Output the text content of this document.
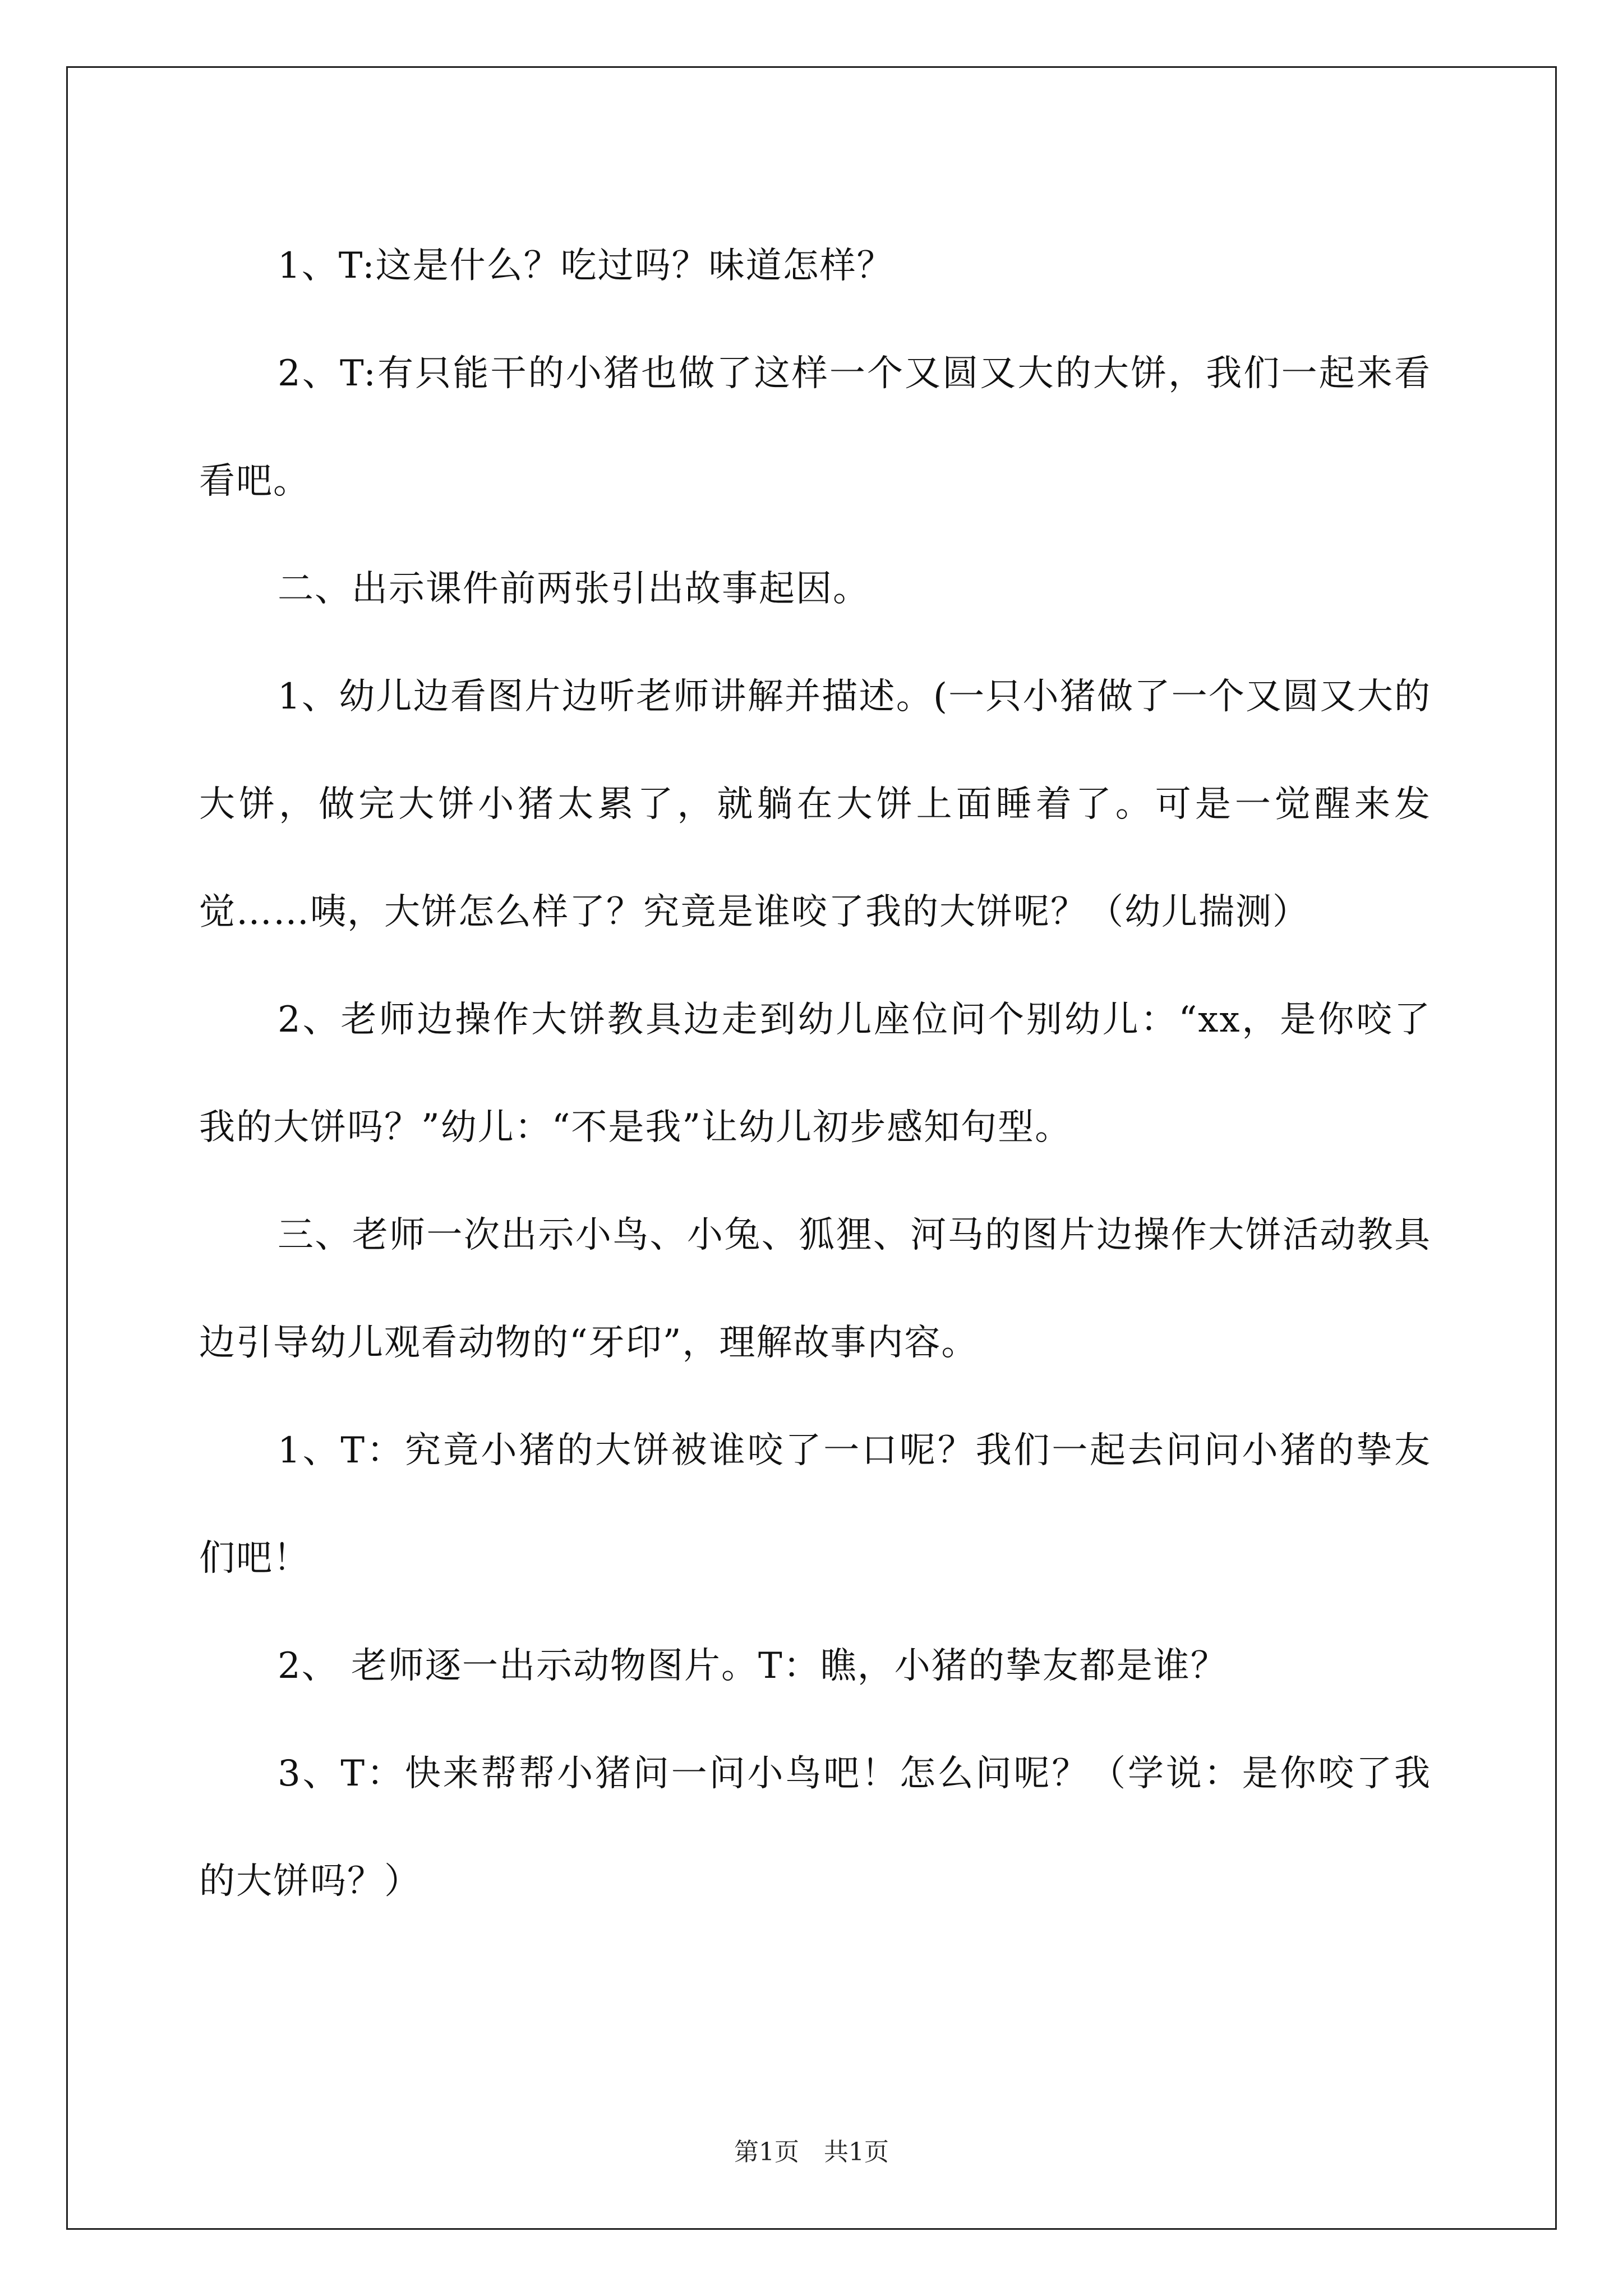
1、T:这是什么？吃过吗？味道怎样？

2、T:有只能干的小猪也做了这样一个又圆又大的大饼，我们一起来看看吧。

二、出示课件前两张引出故事起因。

1、幼儿边看图片边听老师讲解并描述。(一只小猪做了一个又圆又大的大饼，做完大饼小猪太累了，就躺在大饼上面睡着了。可是一觉醒来发觉……咦，大饼怎么样了？究竟是谁咬了我的大饼呢？（幼儿揣测）

2、老师边操作大饼教具边走到幼儿座位问个别幼儿：“xx，是你咬了我的大饼吗？”幼儿：“不是我”让幼儿初步感知句型。

三、老师一次出示小鸟、小兔、狐狸、河马的图片边操作大饼活动教具边引导幼儿观看动物的“牙印”，理解故事内容。

1、T：究竟小猪的大饼被谁咬了一口呢？我们一起去问问小猪的挚友们吧！

2、 老师逐一出示动物图片。T：瞧，小猪的挚友都是谁？

3、T：快来帮帮小猪问一问小鸟吧！怎么问呢？（学说：是你咬了我的大饼吗？）

第1页　共1页
